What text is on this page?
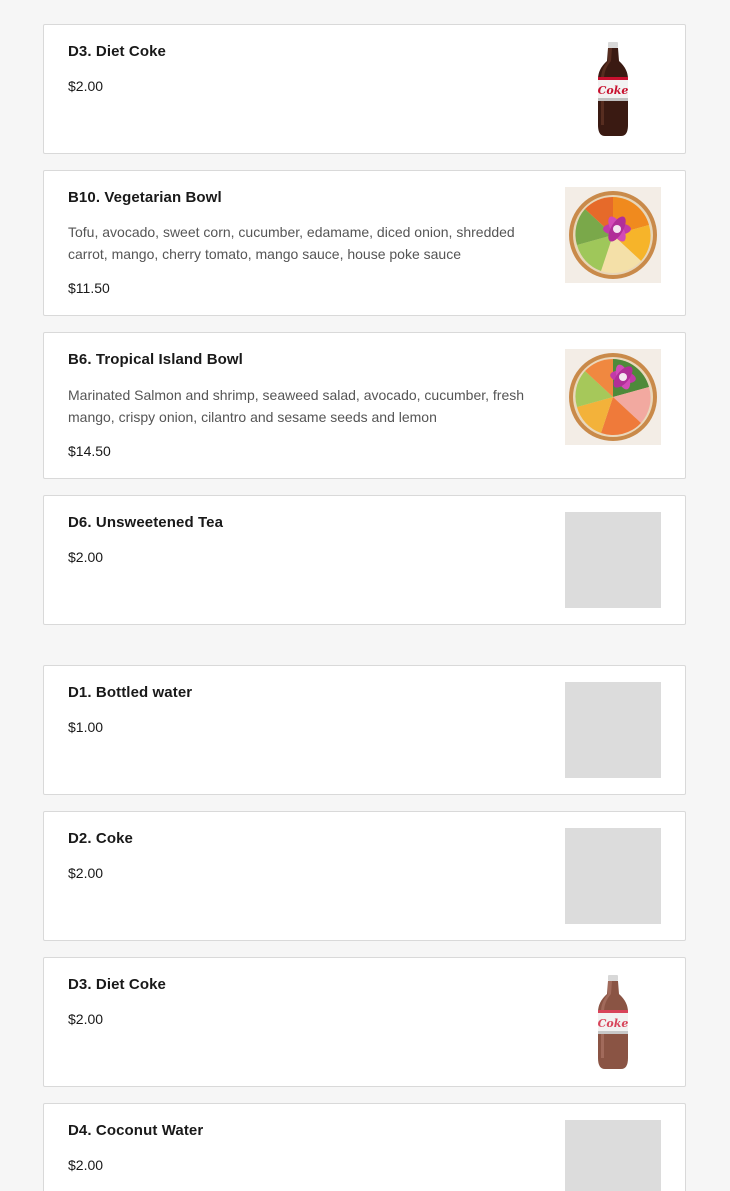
D3. Diet Coke
$2.00	Coke
B10. Vegetarian Bowl
Tofu, avocado, sweet corn, cucumber, edamame, diced onion, shredded carrot, mango, cherry tomato, mango sauce, house poke sauce
$11.50
B6. Tropical Island Bowl
Marinated Salmon and shrimp, seaweed salad, avocado, cucumber, fresh mango, crispy onion, cilantro and sesame seeds and lemon
$14.50
D6. Unsweetened Tea
$2.00
D1. Bottled water
$1.00
D2. Coke
$2.00
D3. Diet Coke
$2.00	Coke
D4. Coconut Water
$2.00
